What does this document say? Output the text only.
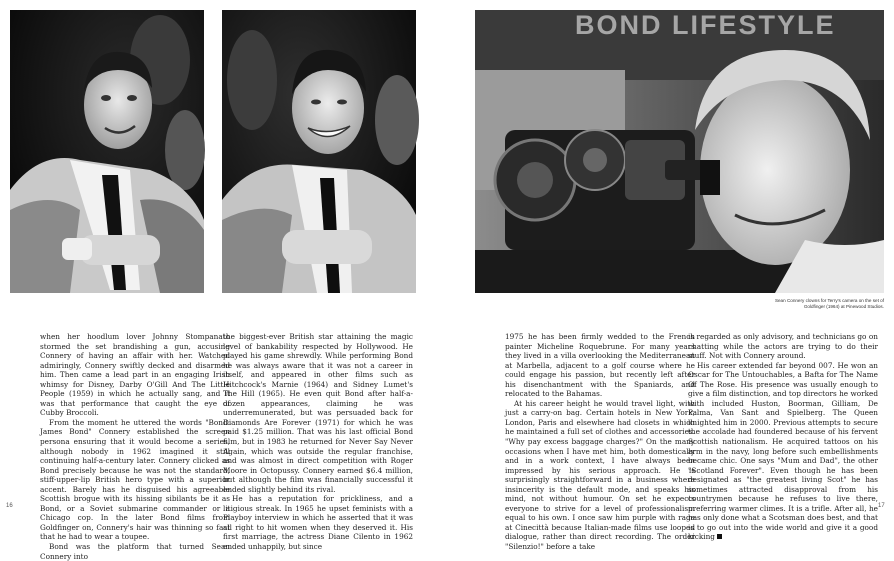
BOND LIFESTYLE
Sean Connery clowns for Terry's camera on the set of Goldfinger (1964) at Pinewood Studios.

when her hoodlum lover Johnny Stompanato stormed the set brandishing a gun, accusing Connery of having an affair with her. Watched admiringly, Connery swiftly decked and disarmed him. Then came a lead part in an engaging Irish whimsy for Disney, Darby O'Gill And The Little People (1959) in which he actually sang, and it was that performance that caught the eye of Cubby Broccoli.

From the moment he uttered the words "Bond. James Bond" Connery established the screen persona ensuring that it would become a series, although nobody in 1962 imagined it still continuing half-a-century later. Connery clicked as Bond precisely because he was not the standard, stiff-upper-lip British hero type with a superior accent. Barely has he disguised his agreeable Scottish brogue with its hissing sibilants be it as Bond, or a Soviet submarine commander or a Chicago cop. In the later Bond films from Goldfinger on, Connery's hair was thinning so fast that he had to wear a toupee.

Bond was the platform that turned Sean Connery into

the biggest-ever British star attaining the magic level of bankability respected by Hollywood. He played his game shrewdly. While performing Bond he was always aware that it was not a career in itself, and appeared in other films such as Hitchcock's Marnie (1964) and Sidney Lumet's The Hill (1965). He even quit Bond after half-a-dozen appearances, claiming he was underremunerated, but was persuaded back for Diamonds Are Forever (1971) for which he was paid $1.25 million. That was his last official Bond film, but in 1983 he returned for Never Say Never Again, which was outside the regular franchise, and was almost in direct competition with Roger Moore in Octopussy. Connery earned $6.4 million, but although the film was financially successful it ended slightly behind its rival.

He has a reputation for prickliness, and a litigious streak. In 1965 he upset feminists with a Playboy interview in which he asserted that it was all right to hit women when they deserved it. His first marriage, the actress Diane Cilento in 1962 ended unhappily, but since

1975 he has been firmly wedded to the French painter Micheline Roquebrune. For many years they lived in a villa overlooking the Mediterranean at Marbella, adjacent to a golf course where he could engage his passion, but recently left after his disenchantment with the Spaniards, and relocated to the Bahamas.

At his career height he would travel light, with just a carry-on bag. Certain hotels in New York, London, Paris and elsewhere had closets in which he maintained a full set of clothes and accessories. "Why pay excess baggage charges?" On the many occasions when I have met him, both domestically and in a work context, I have always been impressed by his serious approach. He is surprisingly straightforward in a business where insincerity is the default mode, and speaks his mind, not without humour. On set he expects everyone to strive for a level of professionalism equal to his own. I once saw him purple with rage at Cinecittà because Italian-made films use looped dialogue, rather than direct recording. The order "Silenzio!" before a take

is regarded as only advisory, and technicians go on chatting while the actors are trying to do their stuff. Not with Connery around.

His career extended far beyond 007. He won an Oscar for The Untouchables, a Bafta for The Name Of The Rose. His presence was usually enough to give a film distinction, and top directors he worked with included Huston, Boorman, Gilliam, De Palma, Van Sant and Spielberg. The Queen knighted him in 2000. Previous attempts to secure the accolade had foundered because of his fervent Scottish nationalism. He acquired tattoos on his arm in the navy, long before such embellishments became chic. One says "Mum and Dad", the other "Scotland Forever". Even though he has been designated as "the greatest living Scot" he has sometimes attracted disapproval from his countrymen because he refuses to live there, preferring warmer climes. It is a trifle. After all, he has only done what a Scotsman does best, and that is to go out into the wide world and give it a good kicking

16	17
